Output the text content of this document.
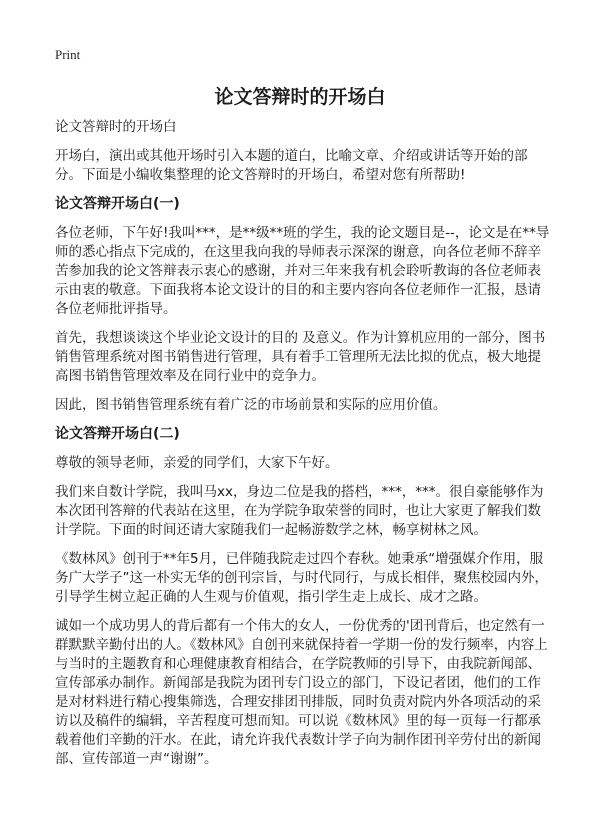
Print
论文答辩时的开场白

论文答辩时的开场白

开场白，演出或其他开场时引入本题的道白，比喻文章、介绍或讲话等开始的部分。下面是小编收集整理的论文答辩时的开场白，希望对您有所帮助!

论文答辩开场白(一)

各位老师，下午好!我叫***，是**级**班的学生，我的论文题目是--，论文是在**导师的悉心指点下完成的，在这里我向我的导师表示深深的谢意，向各位老师不辞辛苦参加我的论文答辩表示衷心的感谢，并对三年来我有机会聆听教诲的各位老师表示由衷的敬意。下面我将本论文设计的目的和主要内容向各位老师作一汇报，恳请各位老师批评指导。

首先，我想谈谈这个毕业论文设计的目的 及意义。作为计算机应用的一部分，图书销售管理系统对图书销售进行管理，具有着手工管理所无法比拟的优点，极大地提高图书销售管理效率及在同行业中的竞争力。

因此，图书销售管理系统有着广泛的市场前景和实际的应用价值。

论文答辩开场白(二)

尊敬的领导老师，亲爱的同学们，大家下午好。

我们来自数计学院，我叫马xx，身边二位是我的搭档，***，***。很自豪能够作为本次团刊答辩的代表站在这里，在为学院争取荣誉的同时，也让大家更了解我们数计学院。下面的时间还请大家随我们一起畅游数学之林，畅享树林之风。

《数林风》创刊于**年5月，已伴随我院走过四个春秋。她秉承“增强媒介作用，服务广大学子”这一朴实无华的创刊宗旨，与时代同行，与成长相伴，聚焦校园内外，引导学生树立起正确的人生观与价值观，指引学生走上成长、成才之路。

诚如一个成功男人的背后都有一个伟大的女人，一份优秀的'团刊背后，也定然有一群默默辛勤付出的人。《数林风》自创刊来就保持着一学期一份的发行频率，内容上与当时的主题教育和心理健康教育相结合，在学院教师的引导下，由我院新闻部、宣传部承办制作。新闻部是我院为团刊专门设立的部门，下设记者团，他们的工作是对材料进行精心搜集筛选，合理安排团刊排版，同时负责对院内外各项活动的采访以及稿件的编辑，辛苦程度可想而知。可以说《数林风》里的每一页每一行都承载着他们辛勤的汗水。在此，请允许我代表数计学子向为制作团刊辛劳付出的新闻部、宣传部道一声“谢谢”。
